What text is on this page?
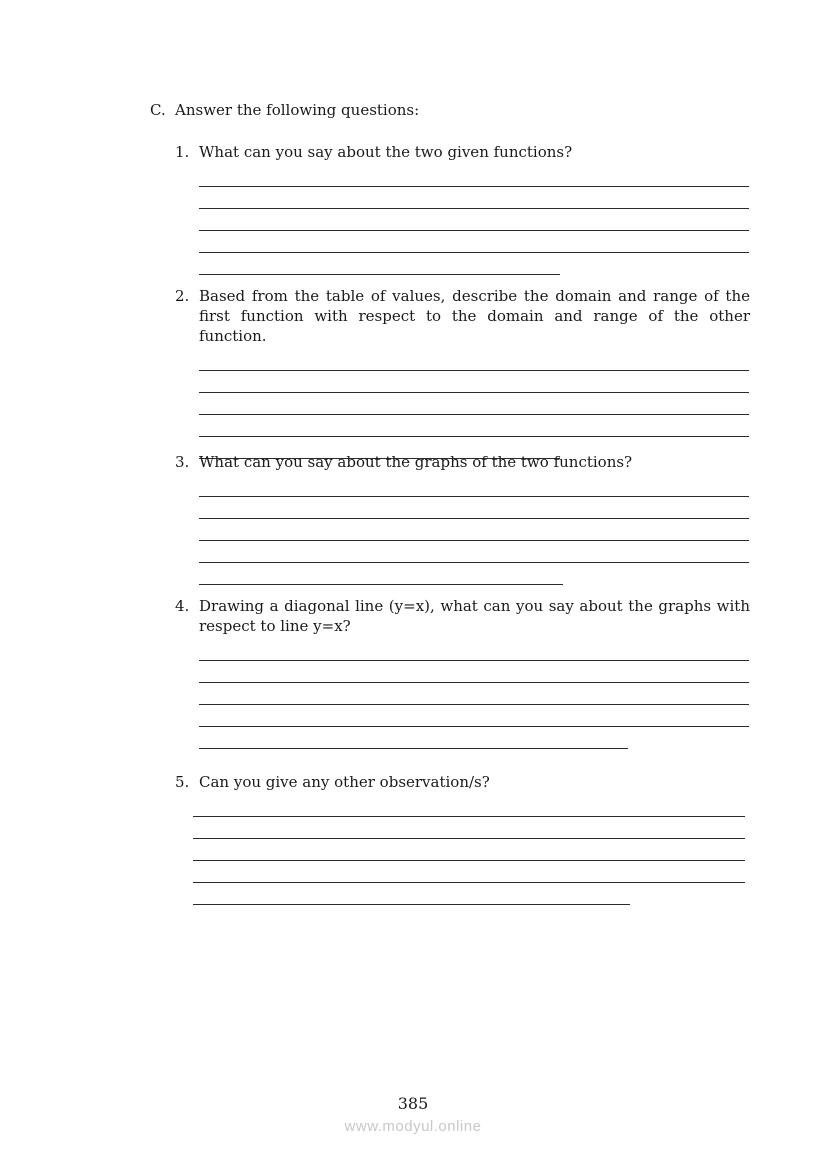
C. Answer the following questions:
1. What can you say about the two given functions?
2. Based from the table of values, describe the domain and range of the first function with respect to the domain and range of the other function.
3. What can you say about the graphs of the two functions?
4. Drawing a diagonal line (y=x), what can you say about the graphs with respect to line y=x?
5. Can you give any other observation/s?
385
www.modyul.online
